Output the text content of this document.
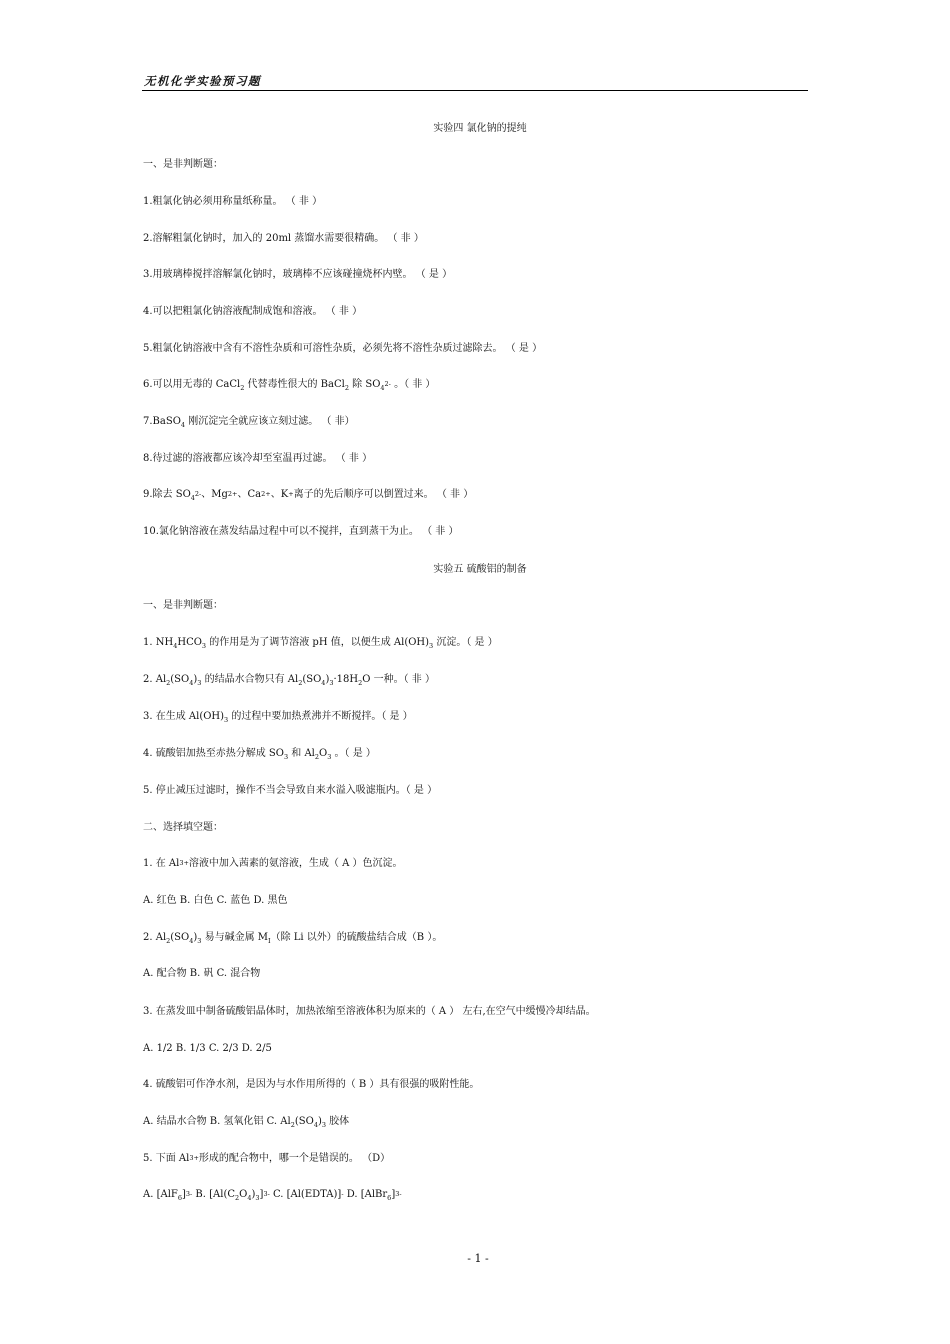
无机化学实验预习题
实验四 氯化钠的提纯
一、是非判断题：
1.粗氯化钠必须用称量纸称量。 （ 非 ）
2.溶解粗氯化钠时，加入的 20ml 蒸馏水需要很精确。 （ 非 ）
3.用玻璃棒搅拌溶解氯化钠时，玻璃棒不应该碰撞烧杯内壁。 （ 是 ）
4.可以把粗氯化钠溶液配制成饱和溶液。 （ 非 ）
5.粗氯化钠溶液中含有不溶性杂质和可溶性杂质，必须先将不溶性杂质过滤除去。 （ 是 ）
6.可以用无毒的 CaCl$_2$ 代替毒性很大的 BaCl$_2$ 除 $SO_4^{2-}$ 。（ 非 ）
7.BaSO$_4$ 刚沉淀完全就应该立刻过滤。 （ 非）
8.待过滤的溶液都应该冷却至室温再过滤。 （ 非 ）
9.除去 $SO_4^{2-}$、$Mg^{2+}$、$Ca^{2+}$、K+离子的先后顺序可以倒置过来。 （ 非 ）
10.氯化钠溶液在蒸发结晶过程中可以不搅拌，直到蒸干为止。 （ 非 ）
实验五 硫酸铝的制备
一、是非判断题：
1. $NH_4HCO_3$ 的作用是为了调节溶液 pH 值，以便生成 $Al(OH)_3$ 沉淀。（ 是 ）
2. $Al_2(SO_4)_3$ 的结晶水合物只有 $Al_2(SO_4)_3\cdot 18H_2O$ 一种。（ 非 ）
3. 在生成 $Al(OH)_3$ 的过程中要加热煮沸并不断搅拌。（ 是 ）
4. 硫酸铝加热至赤热分解成 $SO_3$ 和 $Al_2O_3$ 。（ 是 ）
5. 停止减压过滤时，操作不当会导致自来水溢入吸滤瓶内。（ 是 ）
二、选择填空题：
1. 在 $Al^{3+}$溶液中加入茜素的氨溶液，生成（ A ）色沉淀。
A. 红色 B. 白色 C. 蓝色 D. 黑色
2. $Al_2(SO_4)_3$ 易与碱金属 $M_I$（除 Li 以外）的硫酸盐结合成（B ）。
A. 配合物 B. 矾 C. 混合物
3. 在蒸发皿中制备硫酸铝晶体时，加热浓缩至溶液体积为原来的（ A ） 左右,在空气中缓慢冷却结晶。
A. 1/2 B. 1/3 C. 2/3 D. 2/5
4. 硫酸铝可作净水剂，是因为与水作用所得的（ B ）具有很强的吸附性能。
A. 结晶水合物 B. 氢氧化铝 C. $Al_2(SO_4)_3$ 胶体
5. 下面 $Al^{3+}$形成的配合物中，哪一个是错误的。 （D）
A. $[AlF_6]^{3-}$ B. $[Al(C_2O_4)_3]^{3-}$ C. [Al(EDTA)]- D. [AlBr$_6$]$^{3-}$
- 1 -
